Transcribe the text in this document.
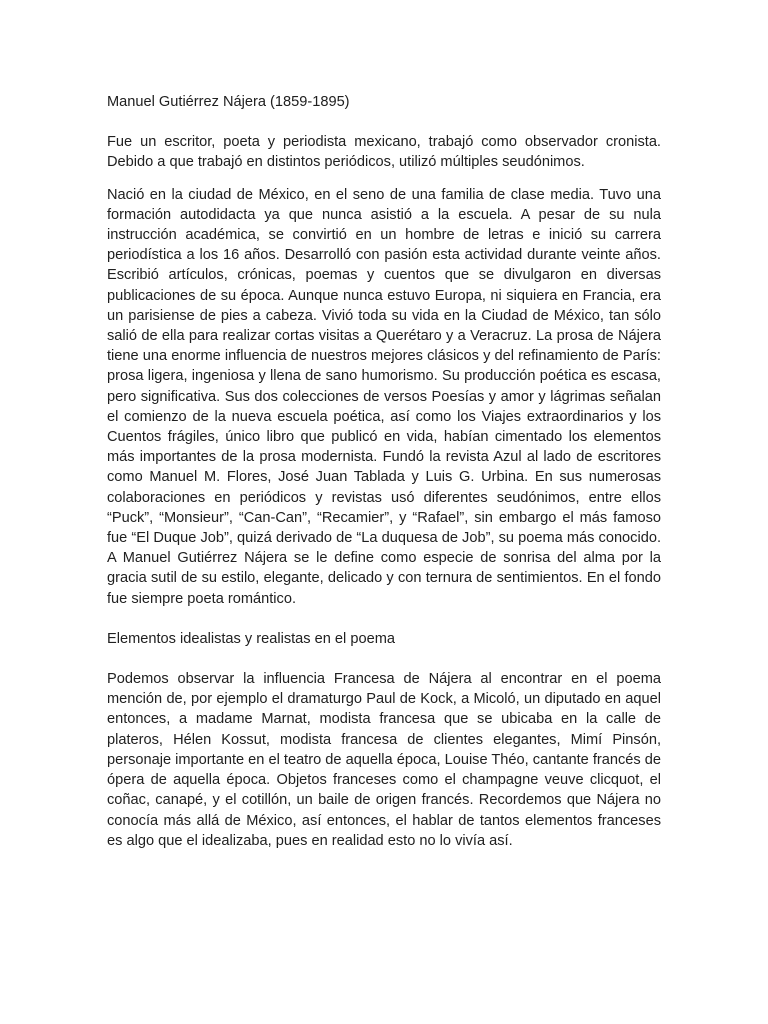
Manuel Gutiérrez Nájera (1859-1895)

Fue un escritor, poeta y periodista mexicano, trabajó como observador cronista. Debido a que trabajó en distintos periódicos, utilizó múltiples seudónimos.

Nació en la ciudad de México, en el seno de una familia de clase media. Tuvo una formación autodidacta ya que nunca asistió a la escuela. A pesar de su nula instrucción académica, se convirtió en un hombre de letras e inició su carrera periodística a los 16 años. Desarrolló con pasión esta actividad durante veinte años. Escribió artículos, crónicas, poemas y cuentos que se divulgaron en diversas publicaciones de su época. Aunque nunca estuvo Europa, ni siquiera en Francia, era un parisiense de pies a cabeza. Vivió toda su vida en la Ciudad de México, tan sólo salió de ella para realizar cortas visitas a Querétaro y a Veracruz. La prosa de Nájera tiene una enorme influencia de nuestros mejores clásicos y del refinamiento de París: prosa ligera, ingeniosa y llena de sano humorismo. Su producción poética es escasa, pero significativa. Sus dos colecciones de versos Poesías y amor y lágrimas señalan el comienzo de la nueva escuela poética, así como los Viajes extraordinarios y los Cuentos frágiles, único libro que publicó en vida, habían cimentado los elementos más importantes de la prosa modernista. Fundó la revista Azul al lado de escritores como Manuel M. Flores, José Juan Tablada y Luis G. Urbina. En sus numerosas colaboraciones en periódicos y revistas usó diferentes seudónimos, entre ellos “Puck”, “Monsieur”, “Can-Can”, “Recamier”, y “Rafael”, sin embargo el más famoso fue “El Duque Job”, quizá derivado de “La duquesa de Job”, su poema más conocido. A Manuel Gutiérrez Nájera se le define como especie de sonrisa del alma por la gracia sutil de su estilo, elegante, delicado y con ternura de sentimientos. En el fondo fue siempre poeta romántico.

Elementos idealistas y realistas en el poema

Podemos observar la influencia Francesa de Nájera al encontrar en el poema mención de, por ejemplo el dramaturgo Paul de Kock, a Micoló, un diputado en aquel entonces, a madame Marnat, modista francesa que se ubicaba en la calle de plateros, Hélen Kossut, modista francesa de clientes elegantes, Mimí Pinsón, personaje importante en el teatro de aquella época, Louise Théo, cantante francés de ópera de aquella época. Objetos franceses como el champagne veuve clicquot, el coñac, canapé, y el cotillón, un baile de origen francés. Recordemos que Nájera no conocía más allá de México, así entonces, el hablar de tantos elementos franceses es algo que el idealizaba, pues en realidad esto no lo vivía así.
